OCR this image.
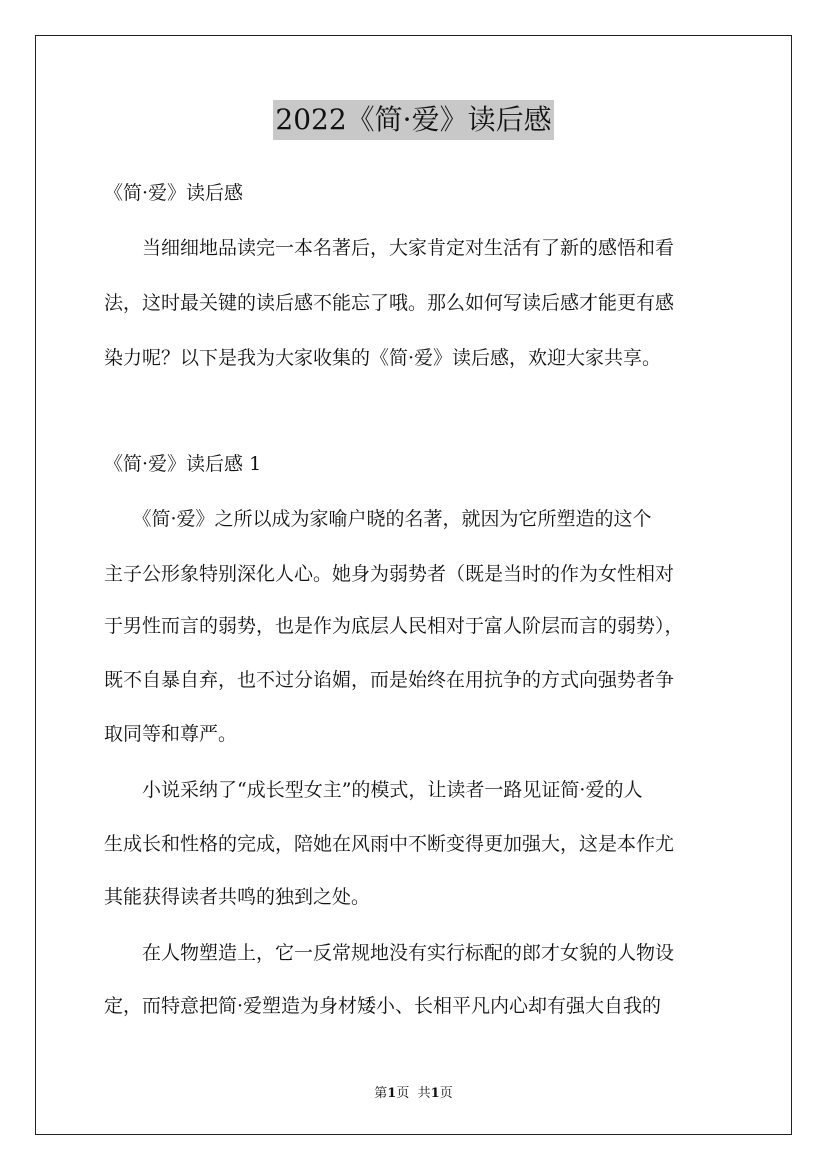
2022《简·爱》读后感

《简·爱》读后感

　　当细细地品读完一本名著后，大家肯定对生活有了新的感悟和看

法，这时最关键的读后感不能忘了哦。那么如何写读后感才能更有感

染力呢？以下是我为大家收集的《简·爱》读后感，欢迎大家共享。

《简·爱》读后感 1

　　《简·爱》之所以成为家喻户晓的名著，就因为它所塑造的这个

主子公形象特别深化人心。她身为弱势者（既是当时的作为女性相对

于男性而言的弱势，也是作为底层人民相对于富人阶层而言的弱势），

既不自暴自弃，也不过分谄媚，而是始终在用抗争的方式向强势者争

取同等和尊严。

　　小说采纳了“成长型女主”的模式，让读者一路见证简·爱的人

生成长和性格的完成，陪她在风雨中不断变得更加强大，这是本作尤

其能获得读者共鸣的独到之处。

　　在人物塑造上，它一反常规地没有实行标配的郎才女貌的人物设

定，而特意把简·爱塑造为身材矮小、长相平凡内心却有强大自我的

第1页 共1页
